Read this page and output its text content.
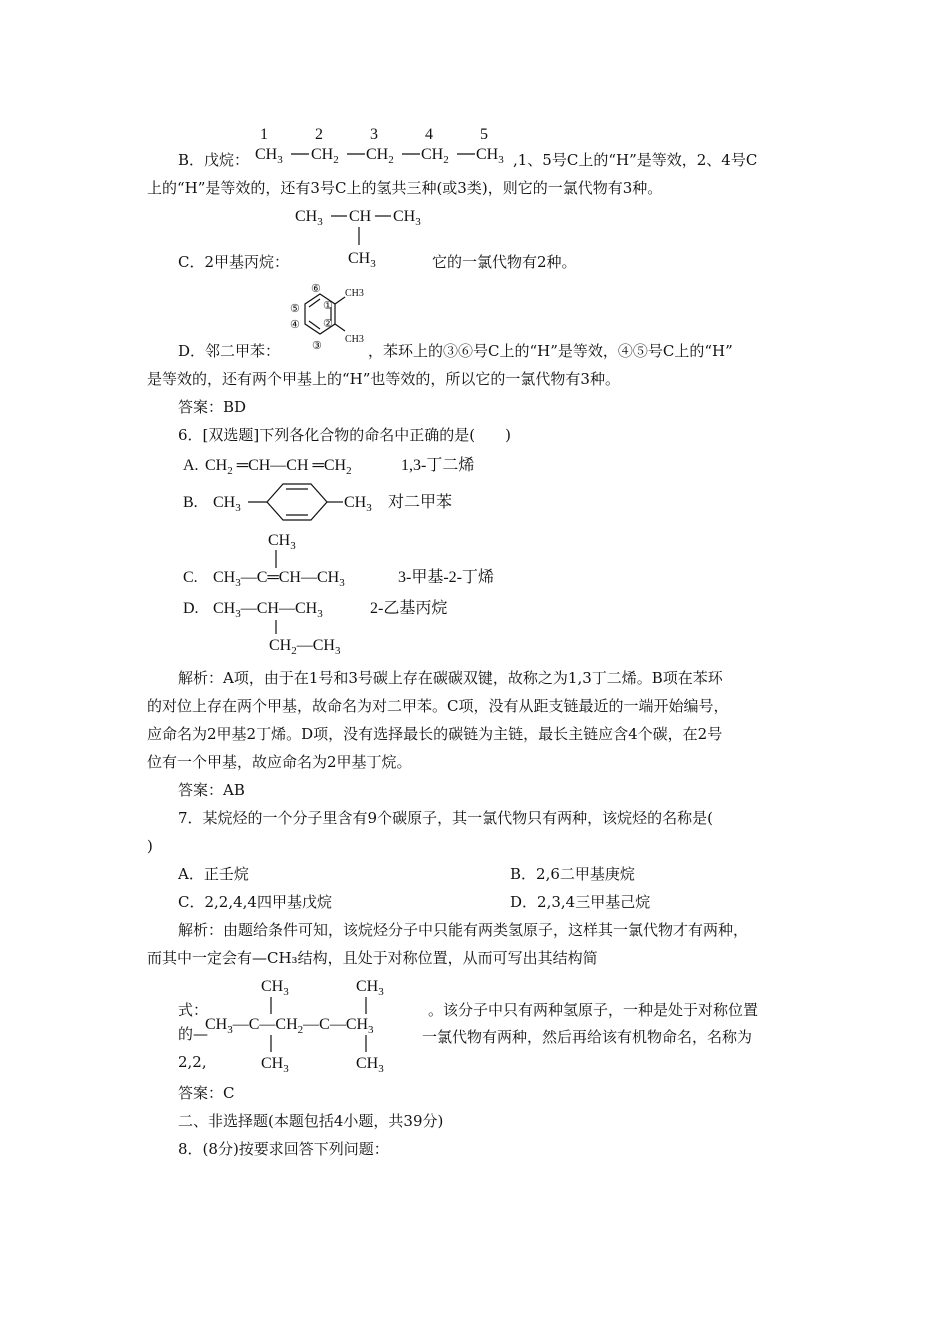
B．戊烷：
1	2	3	4	5
$CH_3$ $CH_2$ $CH_2$ $CH_2$ $CH_3$ ,1、5号C上的“H”是等效，2、4号C
上的“H”是等效的，还有3号C上的氢共三种(或3类)，则它的一氯代物有3种。
$CH_3$ CH $CH_3$
$CH_3$
C．2甲基丙烷：	它的一氯代物有2种。
CH3
CH3
⑥
①
②
③
④
⑤
D．邻二甲苯：	，苯环上的③⑥号C上的“H”是等效，④⑤号C上的“H”
是等效的，还有两个甲基上的“H”也等效的，所以它的一氯代物有3种。
答案：BD
6．[双选题]下列各化合物的命名中正确的是(　　)
A. $CH_2$ ═CH—CH $═CH_2$	1,3-丁二烯
B. $CH_3$	$CH_3$ 对二甲苯
$CH_3$
C. $CH_3—C═CH—CH_3$	3-甲基-2-丁烯
D. $CH_3—CH—CH_3$	2-乙基丙烷
$CH_2—CH_3$
解析：A项，由于在1号和3号碳上存在碳碳双键，故称之为1,3丁二烯。B项在苯环
的对位上存在两个甲基，故命名为对二甲苯。C项，没有从距支链最近的一端开始编号，
应命名为2甲基2丁烯。D项，没有选择最长的碳链为主链，最长主链应含4个碳，在2号
位有一个甲基，故应命名为2甲基丁烷。
答案：AB
7．某烷烃的一个分子里含有9个碳原子，其一氯代物只有两种，该烷烃的名称是(
)
A．正壬烷	B．2,6二甲基庚烷
C．2,2,4,4四甲基戊烷	D．2,3,4三甲基己烷
解析：由题给条件可知，该烷烃分子中只能有两类氢原子，这样其一氯代物才有两种，
而其中一定会有—CH₃结构，且处于对称位置，从而可写出其结构简
$CH_3$	$CH_3$
$CH_3—C—CH_2—C—CH_3$
$CH_3$	$CH_3$
式：
的—
2,2,
。该分子中只有两种氢原子，一种是处于对称位置
一氯代物有两种，然后再给该有机物命名，名称为
答案：C
二、非选择题(本题包括4小题，共39分)
8．(8分)按要求回答下列问题：
